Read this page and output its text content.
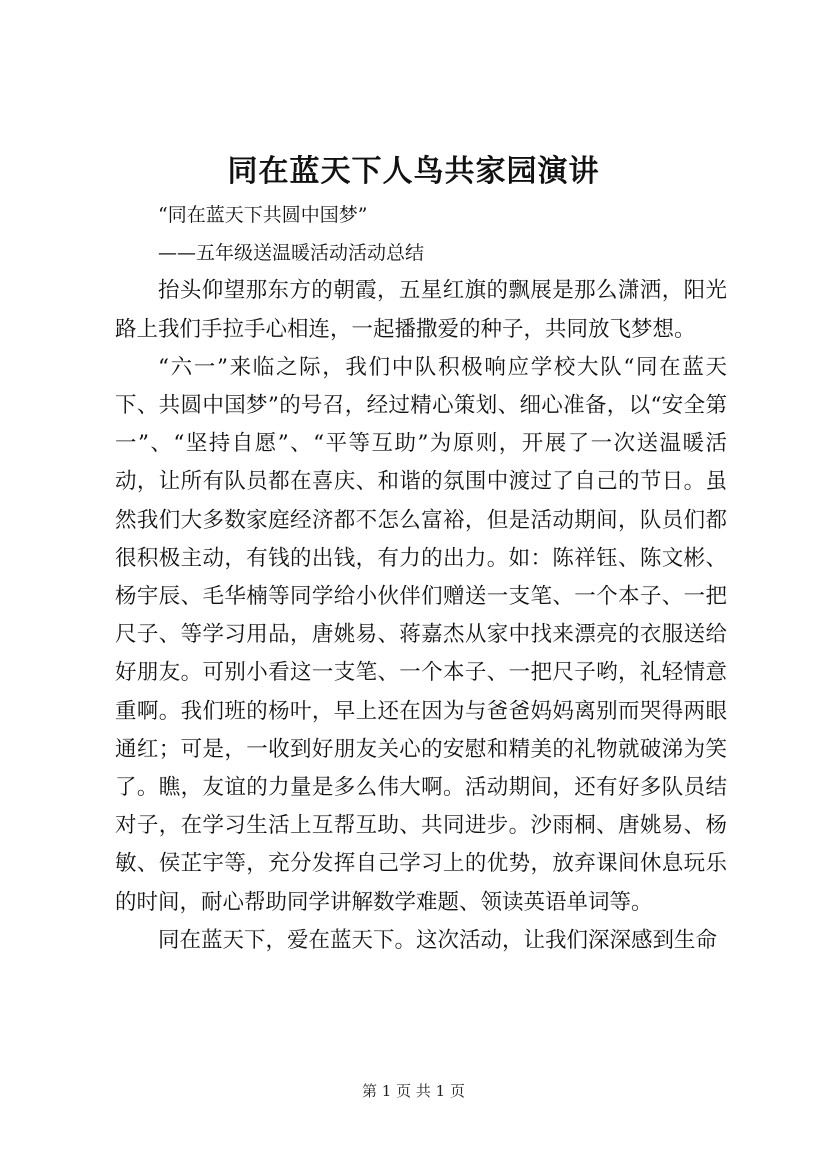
同在蓝天下人鸟共家园演讲
“同在蓝天下共圆中国梦”
——五年级送温暖活动活动总结

抬头仰望那东方的朝霞，五星红旗的飘展是那么潇洒，阳光路上我们手拉手心相连，一起播撒爱的种子，共同放飞梦想。

“六一”来临之际，我们中队积极响应学校大队“同在蓝天下、共圆中国梦”的号召，经过精心策划、细心准备，以“安全第一”、“坚持自愿”、“平等互助”为原则，开展了一次送温暖活动，让所有队员都在喜庆、和谐的氛围中渡过了自己的节日。虽然我们大多数家庭经济都不怎么富裕，但是活动期间，队员们都很积极主动，有钱的出钱，有力的出力。如：陈祥钰、陈文彬、杨宇辰、毛华楠等同学给小伙伴们赠送一支笔、一个本子、一把尺子、等学习用品，唐姚易、蒋嘉杰从家中找来漂亮的衣服送给好朋友。可别小看这一支笔、一个本子、一把尺子哟，礼轻情意重啊。我们班的杨叶，早上还在因为与爸爸妈妈离别而哭得两眼通红；可是，一收到好朋友关心的安慰和精美的礼物就破涕为笑了。瞧，友谊的力量是多么伟大啊。活动期间，还有好多队员结对子，在学习生活上互帮互助、共同进步。沙雨桐、唐姚易、杨敏、侯芷宇等，充分发挥自己学习上的优势，放弃课间休息玩乐的时间，耐心帮助同学讲解数学难题、领读英语单词等。

同在蓝天下，爱在蓝天下。这次活动，让我们深深感到生命

第 1 页 共 1 页
